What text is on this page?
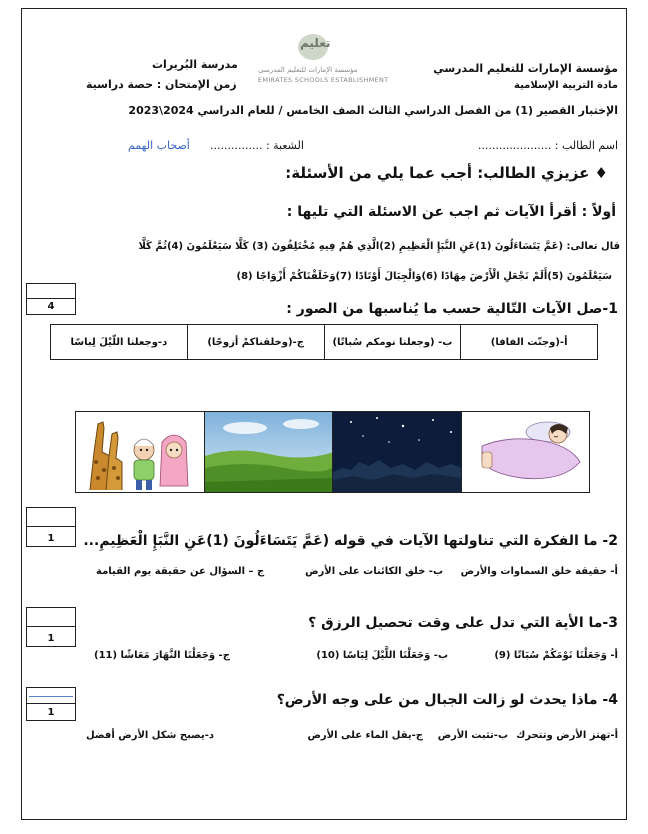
مؤسسة الإمارات للتعليم المدرسي
مادة التربية الإسلامية
مدرسة البُريرات
زمن الإمتحان : حصة دراسية
تعليم
مؤسسة الإمارات للتعليم المدرسي
EMIRATES SCHOOLS ESTABLISHMENT
الإختبار القصير (1) من الفصل الدراسي الثالث الصف الخامس / للعام الدراسي 2024\2023
اسم الطالب : .....................
الشعبة : ...............
أصحاب الهمم
♦ عزيزي الطالب: أجب عما يلي من الأسئلة:
أولاً : أقرأ الآيات ثم اجب عن الاسئلة التي تليها :
قال تعالى: (عَمَّ يَتَسَاءَلُونَ (1)عَنِ النَّبَإِ الْعَظِيمِ (2)الَّذِي هُمْ فِيهِ مُخْتَلِفُونَ (3) كَلَّا سَيَعْلَمُونَ (4)ثُمَّ كَلَّا
سَيَعْلَمُونَ (5)أَلَمْ نَجْعَلِ الْأَرْضَ مِهَادًا (6)وَالْجِبَالَ أَوْتَادًا (7)وَخَلَقْنَاكُمْ أَزْوَاجًا (8)
4	1-صل الآيات التّالية حسب ما يُناسبها من الصور :
أ-(وجنّت الفافا)
ب- (وجعلنا نومكم سُباتًا)
ج-(وخلقناكمْ أزوجًا)
د-وجعلنا اللّيْلَ لِباسًا
1	2- ما الفكرة التي تناولتها الآيات في قوله (عَمَّ يَتَسَاءَلُونَ (1)عَنِ النَّبَإِ الْعَظِيمِ...
أ- حقيقة خلق السماوات والأرض
ب- خلق الكائنات على الأرض
ج – السؤال عن حقيقة يوم القيامة
1
3-ما الأية التي تدل على وقت تحصيل الرزق ؟
أ- وَجَعَلْنَا نَوْمَكُمْ سُبَاتًا (9)
ب- وَجَعَلْنَا اللَّيْلَ لِبَاسًا (10)
ج- وَجَعَلْنَا النَّهَارَ مَعَاشًا (11)
1
4- ماذا يحدث لو زالت الجبال من على وجه الأرض؟
أ-تهتز الأرض وتتحرك
ب-تثبت الأرض
ج-يقل الماء على الأرض
د-يصبح شكل الأرض أفضل
